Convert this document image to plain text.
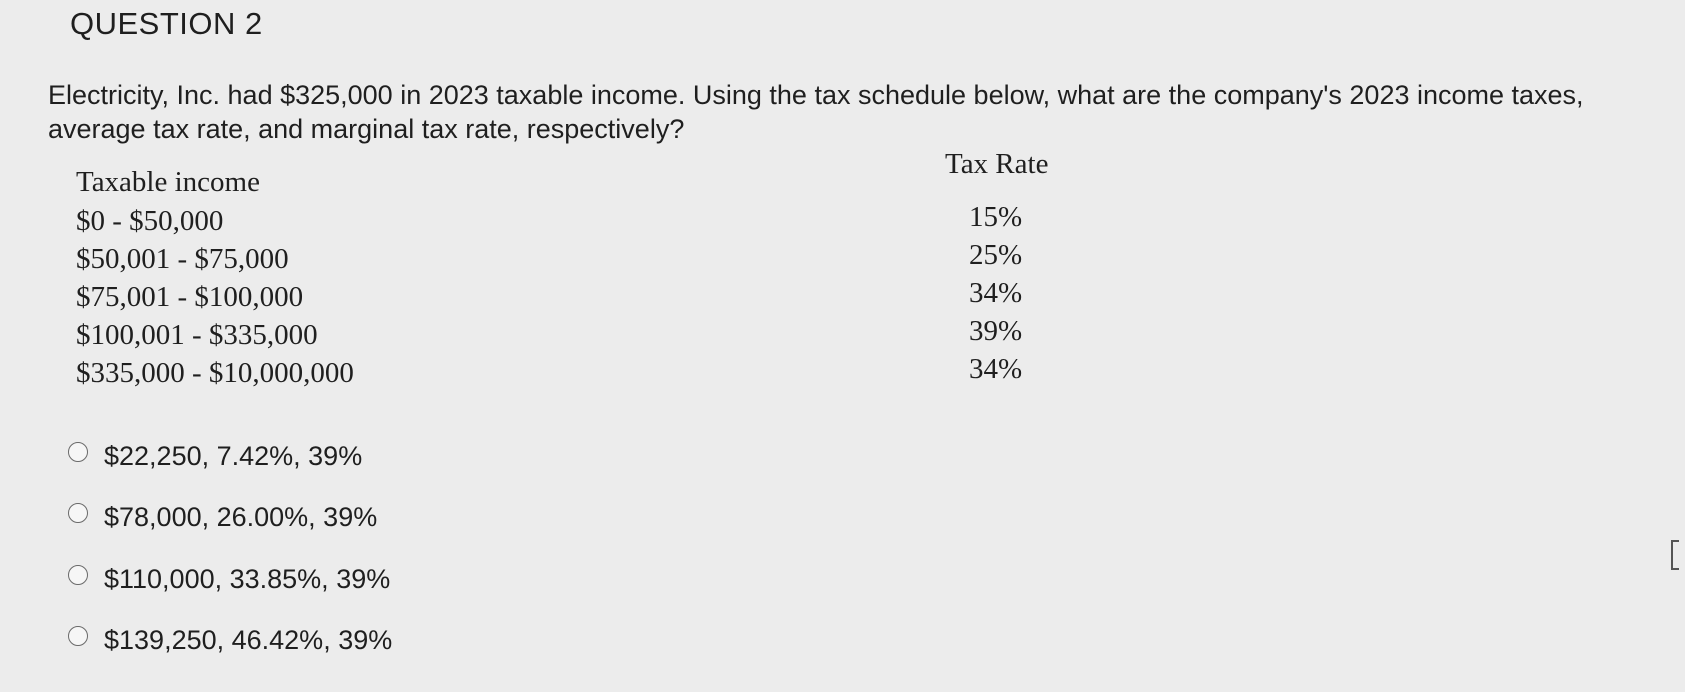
QUESTION 2
Electricity, Inc. had $325,000 in 2023 taxable income. Using the tax schedule below, what are the company's 2023 income taxes, average tax rate, and marginal tax rate, respectively?
Taxable income
Tax Rate
$0 - $50,000	15%
$50,001 - $75,000	25%
$75,001 - $100,000	34%
$100,001 - $335,000	39%
$335,000 - $10,000,000	34%
$22,250, 7.42%, 39%
$78,000, 26.00%, 39%
$110,000, 33.85%, 39%
$139,250, 46.42%, 39%
